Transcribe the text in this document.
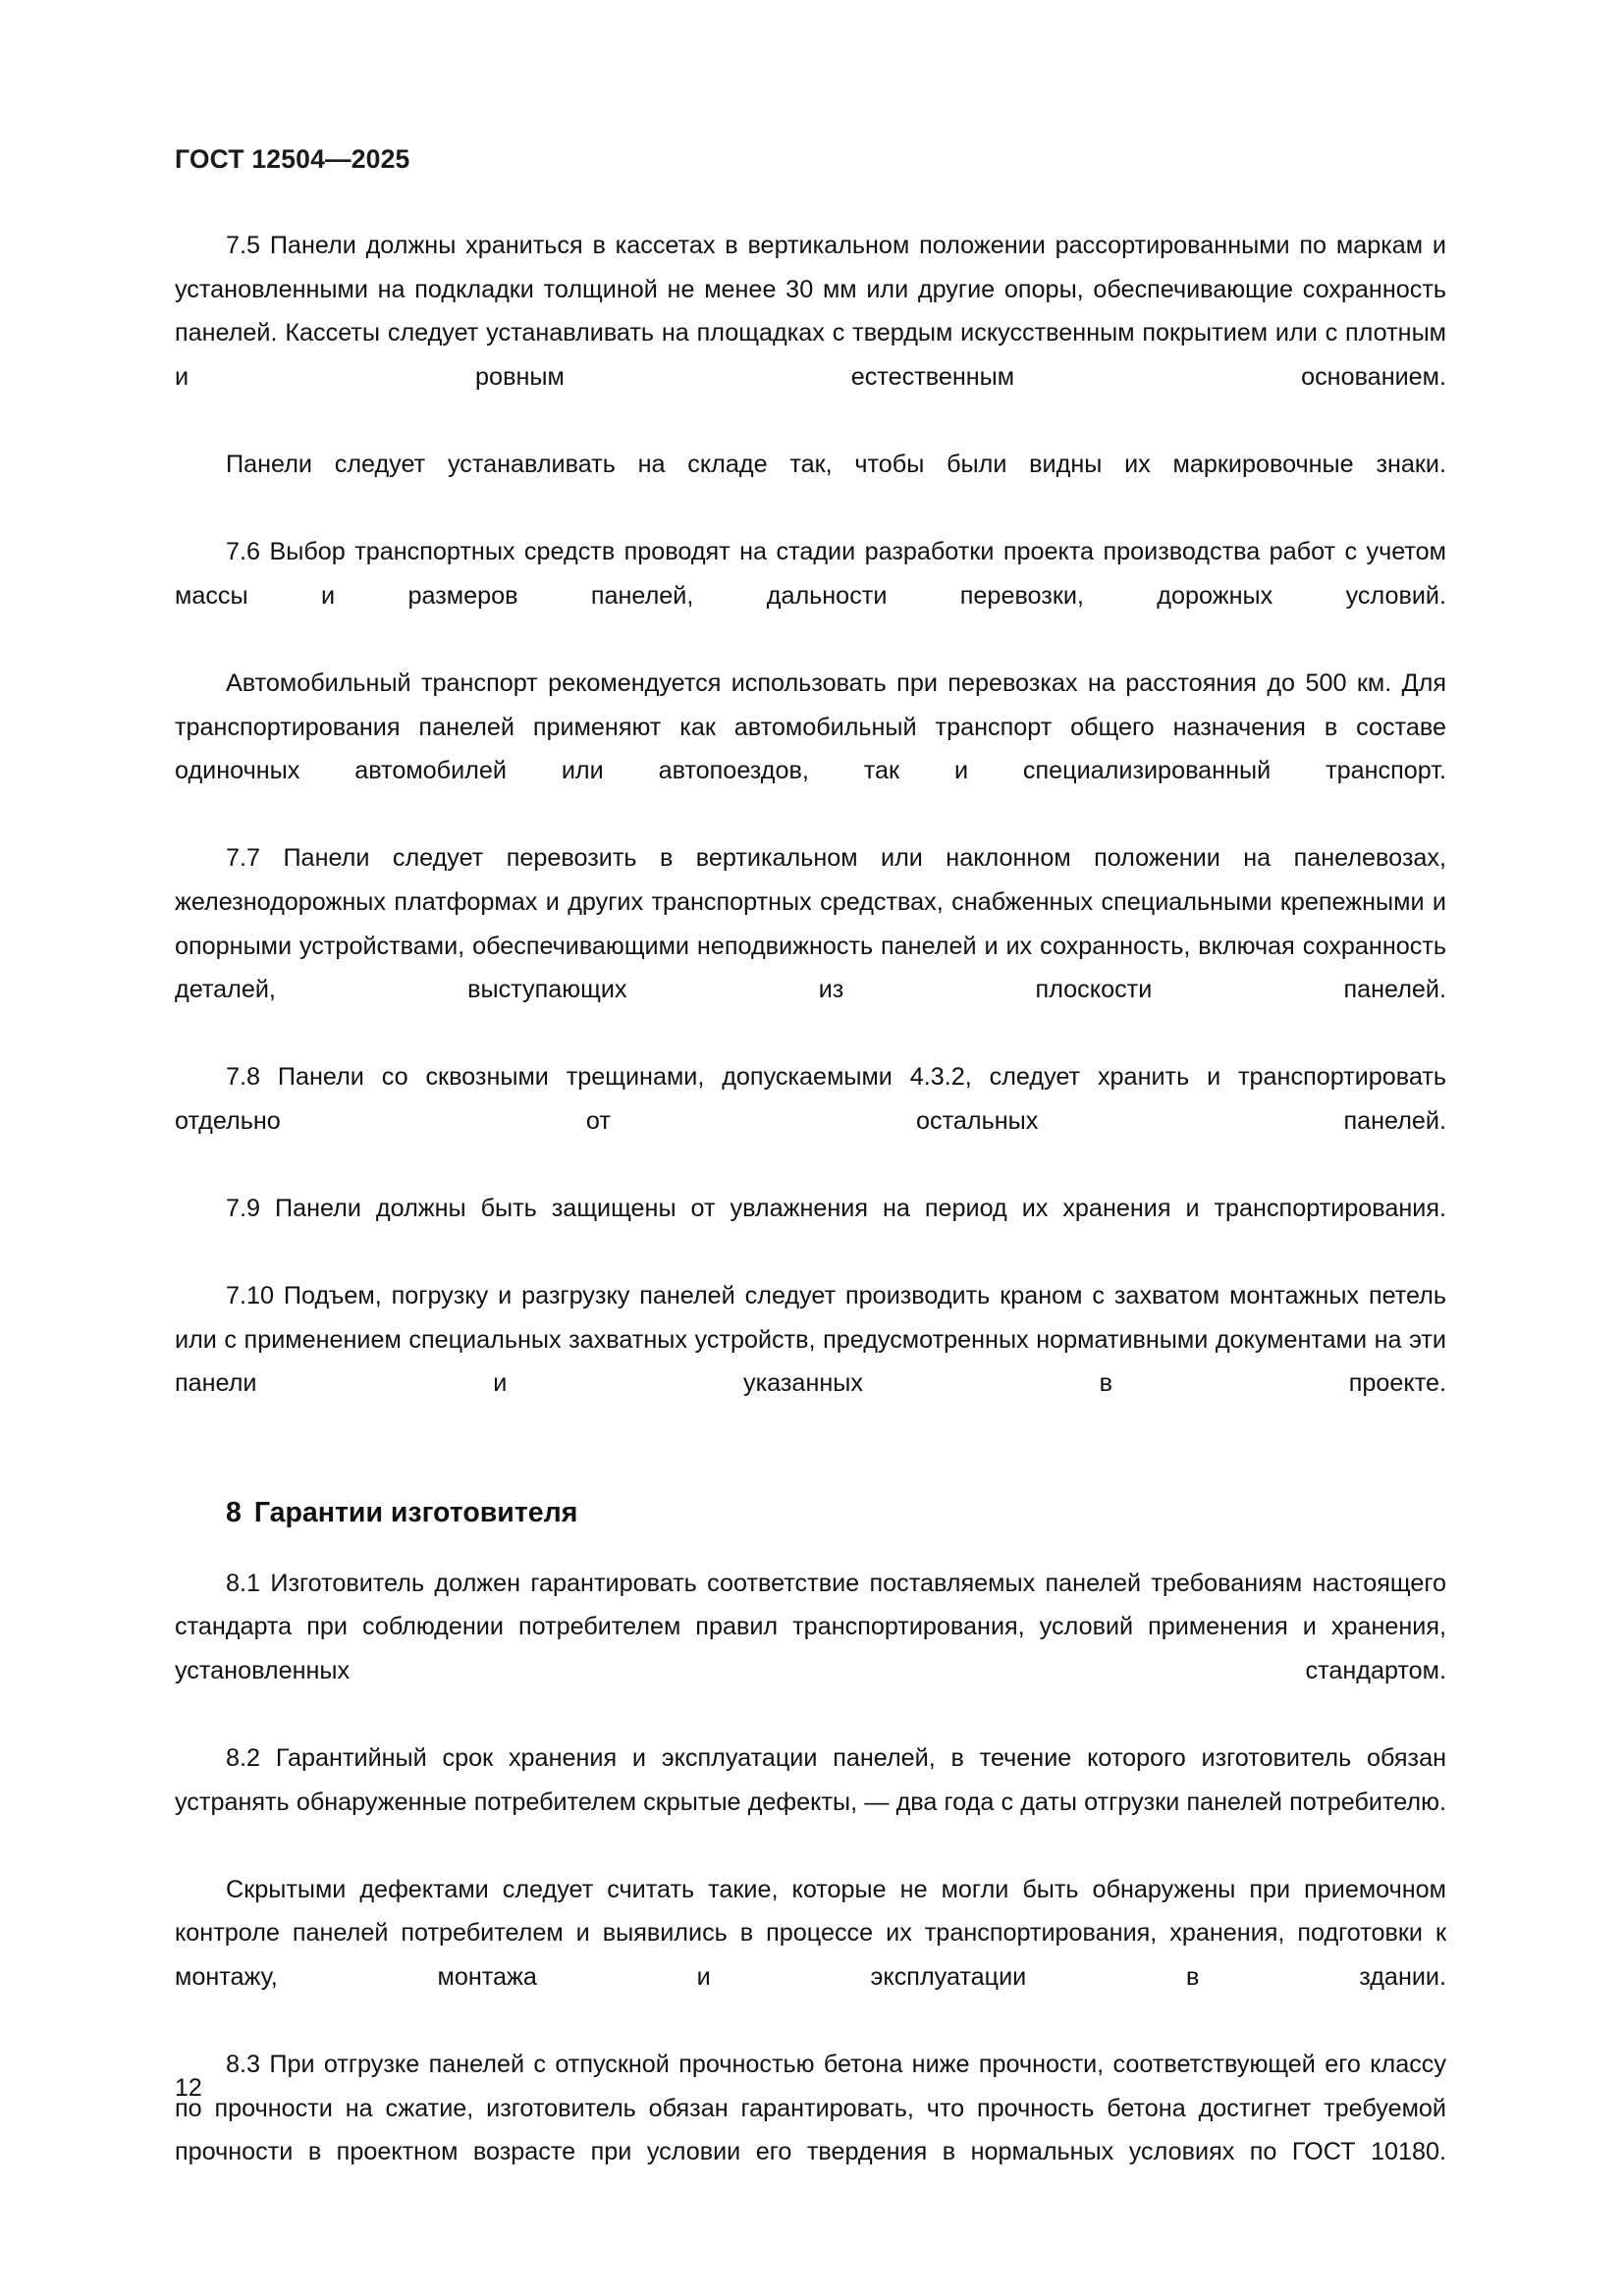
ГОСТ 12504—2025

7.5 Панели должны храниться в кассетах в вертикальном положении рассортированными по маркам и установленными на подкладки толщиной не менее 30 мм или другие опоры, обеспечивающие сохранность панелей. Кассеты следует устанавливать на площадках с твердым искусственным покрытием или с плотным и ровным естественным основанием.

Панели следует устанавливать на складе так, чтобы были видны их маркировочные знаки.

7.6 Выбор транспортных средств проводят на стадии разработки проекта производства работ с учетом массы и размеров панелей, дальности перевозки, дорожных условий.

Автомобильный транспорт рекомендуется использовать при перевозках на расстояния до 500 км. Для транспортирования панелей применяют как автомобильный транспорт общего назначения в составе одиночных автомобилей или автопоездов, так и специализированный транспорт.

7.7 Панели следует перевозить в вертикальном или наклонном положении на панелевозах, железнодорожных платформах и других транспортных средствах, снабженных специальными крепежными и опорными устройствами, обеспечивающими неподвижность панелей и их сохранность, включая сохранность деталей, выступающих из плоскости панелей.

7.8 Панели со сквозными трещинами, допускаемыми 4.3.2, следует хранить и транспортировать отдельно от остальных панелей.

7.9 Панели должны быть защищены от увлажнения на период их хранения и транспортирования.

7.10 Подъем, погрузку и разгрузку панелей следует производить краном с захватом монтажных петель или с применением специальных захватных устройств, предусмотренных нормативными документами на эти панели и указанных в проекте.

8 Гарантии изготовителя

8.1 Изготовитель должен гарантировать соответствие поставляемых панелей требованиям настоящего стандарта при соблюдении потребителем правил транспортирования, условий применения и хранения, установленных стандартом.

8.2 Гарантийный срок хранения и эксплуатации панелей, в течение которого изготовитель обязан устранять обнаруженные потребителем скрытые дефекты, — два года с даты отгрузки панелей потребителю.

Скрытыми дефектами следует считать такие, которые не могли быть обнаружены при приемочном контроле панелей потребителем и выявились в процессе их транспортирования, хранения, подготовки к монтажу, монтажа и эксплуатации в здании.

8.3 При отгрузке панелей с отпускной прочностью бетона ниже прочности, соответствующей его классу по прочности на сжатие, изготовитель обязан гарантировать, что прочность бетона достигнет требуемой прочности в проектном возрасте при условии его твердения в нормальных условиях по ГОСТ 10180.

12
